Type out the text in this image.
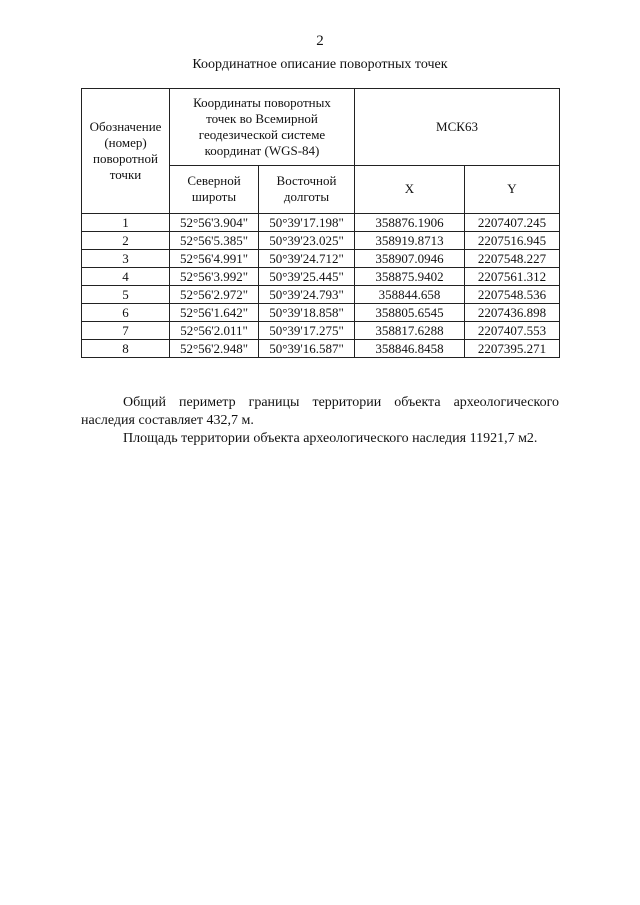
2
Координатное описание поворотных точек
Обозначение (номер) поворотной точки	Координаты поворотных точек во Всемирной геодезической системе координат (WGS-84)		МСК63	
	Северной широты	Восточной долготы	X	Y
1	52°56'3.904"	50°39'17.198"	358876.1906	2207407.245
2	52°56'5.385"	50°39'23.025"	358919.8713	2207516.945
3	52°56'4.991"	50°39'24.712"	358907.0946	2207548.227
4	52°56'3.992"	50°39'25.445"	358875.9402	2207561.312
5	52°56'2.972"	50°39'24.793"	358844.658	2207548.536
6	52°56'1.642"	50°39'18.858"	358805.6545	2207436.898
7	52°56'2.011"	50°39'17.275"	358817.6288	2207407.553
8	52°56'2.948"	50°39'16.587"	358846.8458	2207395.271
Общий периметр границы территории объекта археологического наследия составляет 432,7 м.
Площадь территории объекта археологического наследия 11921,7 м2.
